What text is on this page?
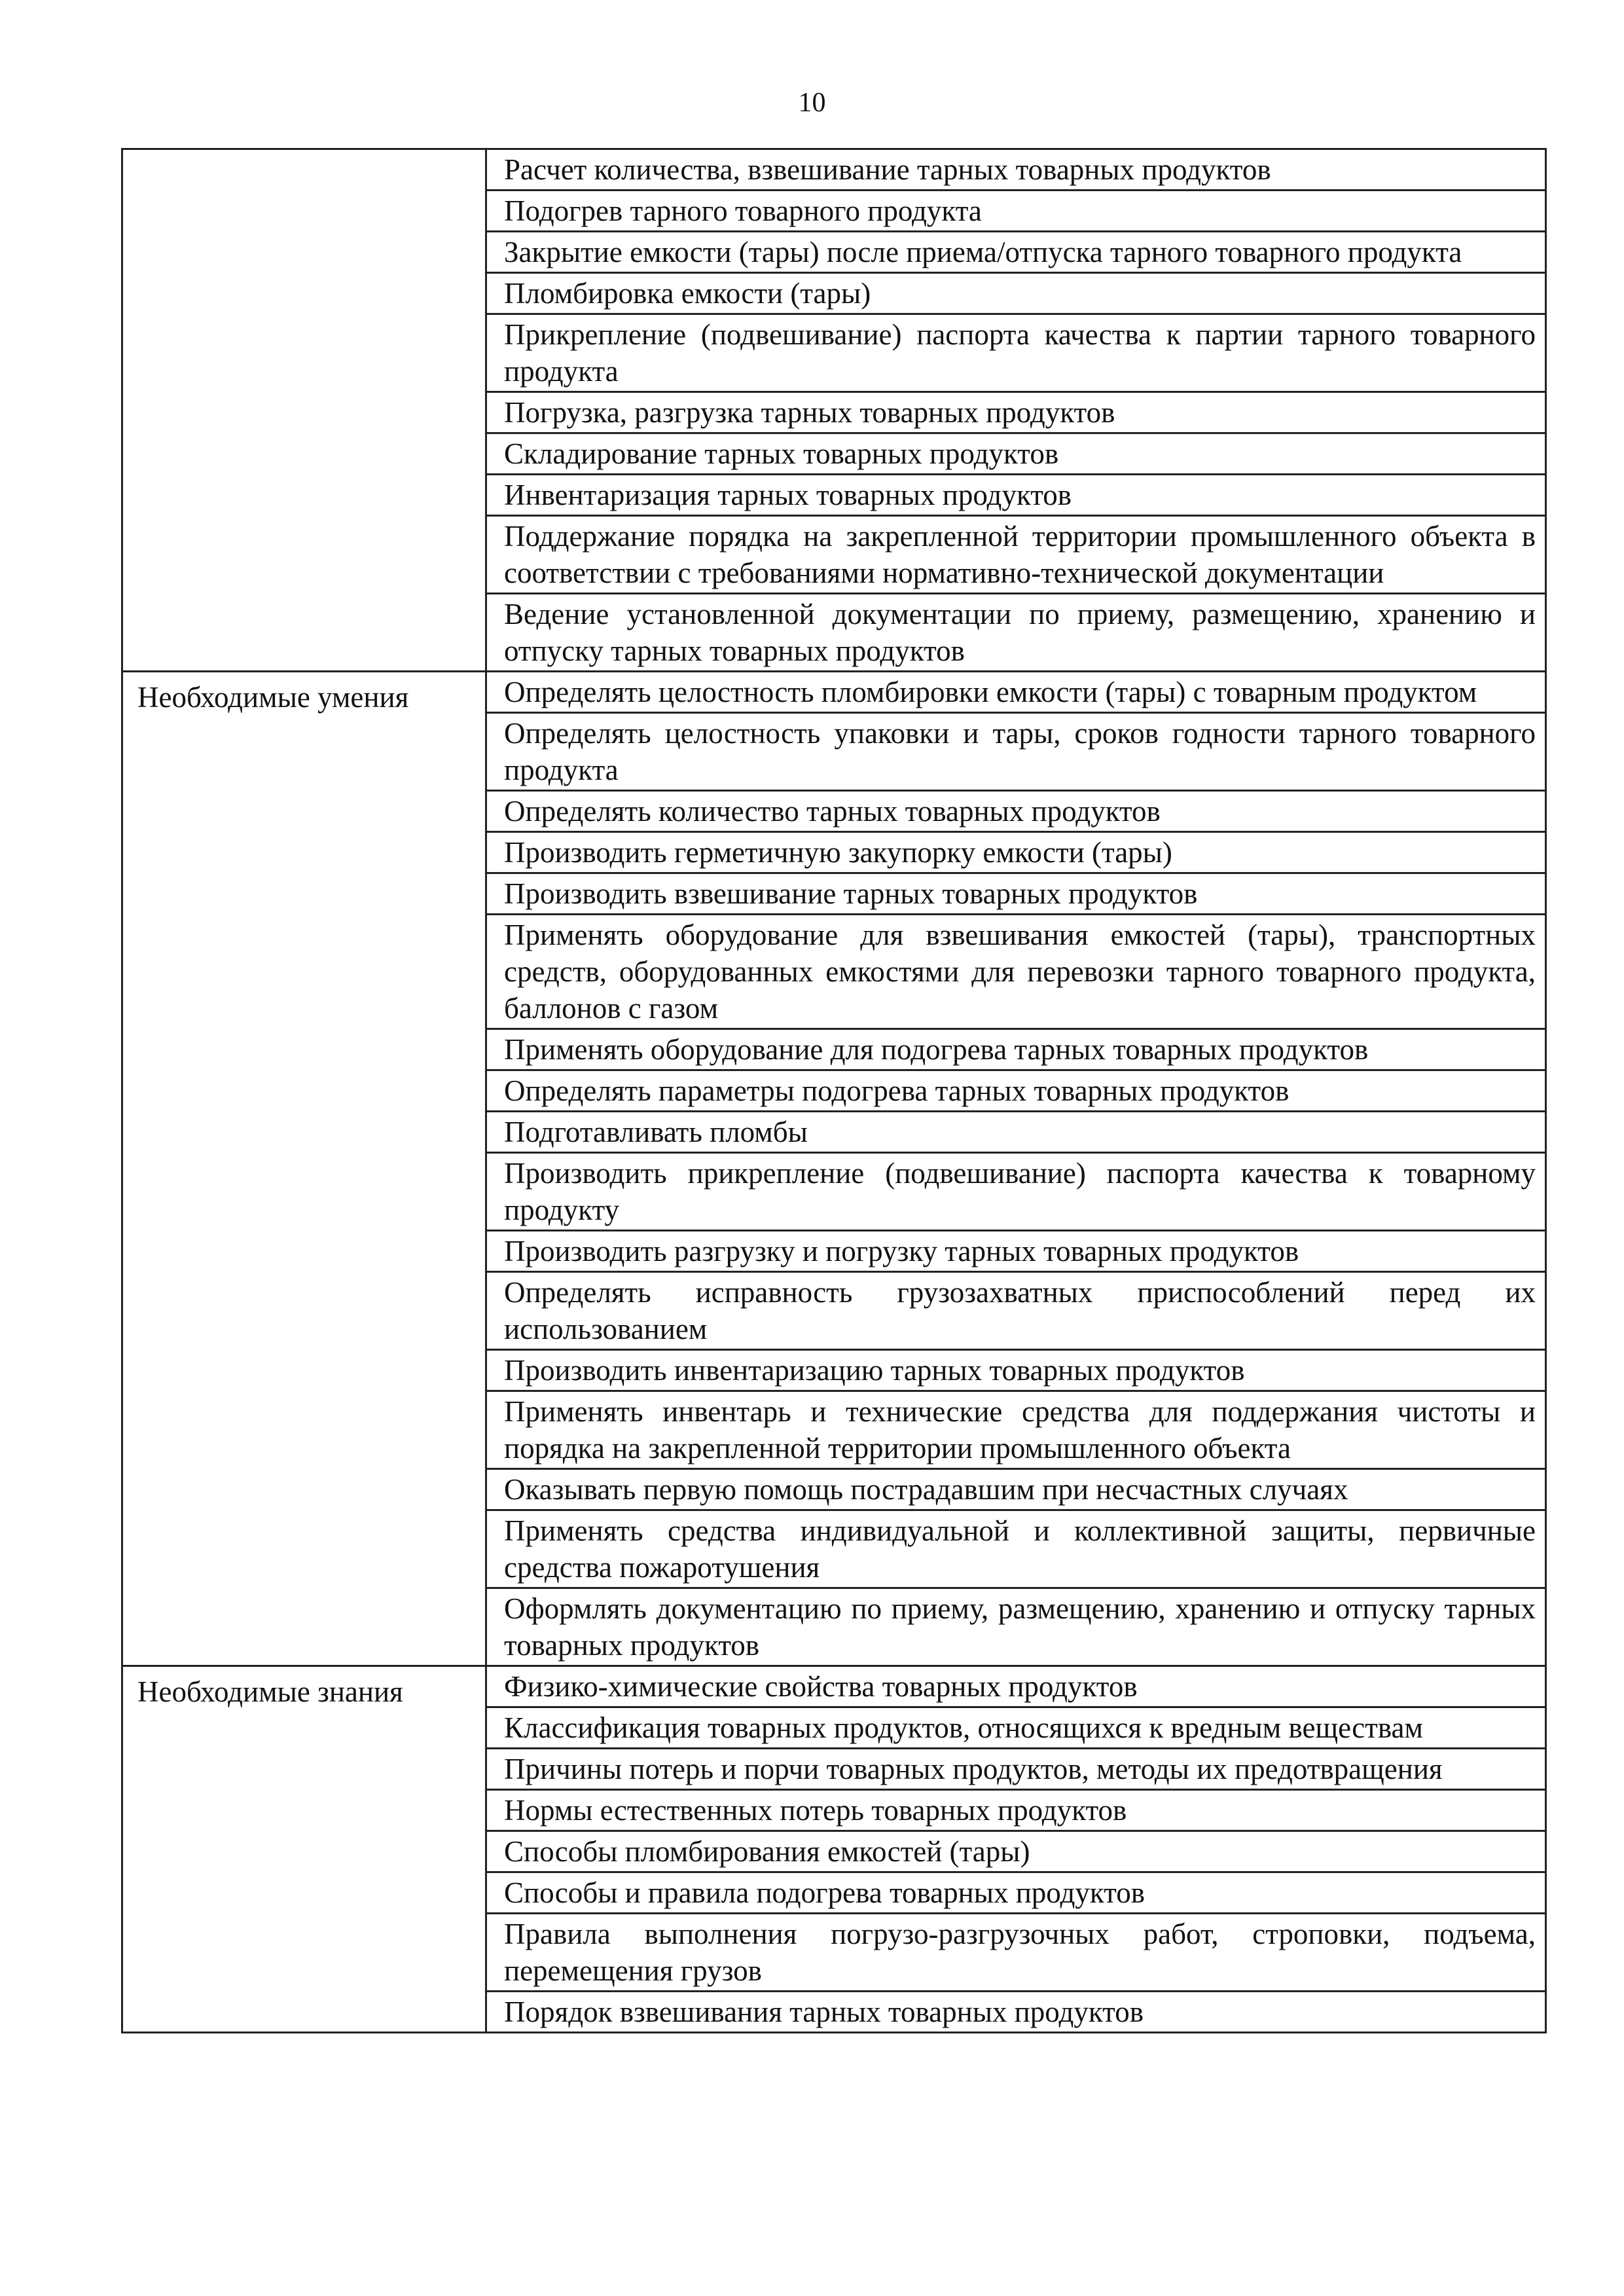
10
	Расчет количества, взвешивание тарных товарных продуктов
	Подогрев тарного товарного продукта
	Закрытие емкости (тары) после приема/отпуска тарного товарного продукта
	Пломбировка емкости (тары)
	Прикрепление (подвешивание) паспорта качества к партии тарного товарного продукта
	Погрузка, разгрузка тарных товарных продуктов
	Складирование тарных товарных продуктов
	Инвентаризация тарных товарных продуктов
	Поддержание порядка на закрепленной территории промышленного объекта в соответствии с требованиями нормативно-технической документации
	Ведение установленной документации по приему, размещению, хранению и отпуску тарных товарных продуктов
Необходимые умения	Определять целостность пломбировки емкости (тары) с товарным продуктом
	Определять целостность упаковки и тары, сроков годности тарного товарного продукта
	Определять количество тарных товарных продуктов
	Производить герметичную закупорку емкости (тары)
	Производить взвешивание тарных товарных продуктов
	Применять оборудование для взвешивания емкостей (тары), транспортных средств, оборудованных емкостями для перевозки тарного товарного продукта, баллонов с газом
	Применять оборудование для подогрева тарных товарных продуктов
	Определять параметры подогрева тарных товарных продуктов
	Подготавливать пломбы
	Производить прикрепление (подвешивание) паспорта качества к товарному продукту
	Производить разгрузку и погрузку тарных товарных продуктов
	Определять исправность грузозахватных приспособлений перед их использованием
	Производить инвентаризацию тарных товарных продуктов
	Применять инвентарь и технические средства для поддержания чистоты и порядка на закрепленной территории промышленного объекта
	Оказывать первую помощь пострадавшим при несчастных случаях
	Применять средства индивидуальной и коллективной защиты, первичные средства пожаротушения
	Оформлять документацию по приему, размещению, хранению и отпуску тарных товарных продуктов
Необходимые знания	Физико-химические свойства товарных продуктов
	Классификация товарных продуктов, относящихся к вредным веществам
	Причины потерь и порчи товарных продуктов, методы их предотвращения
	Нормы естественных потерь товарных продуктов
	Способы пломбирования емкостей (тары)
	Способы и правила подогрева товарных продуктов
	Правила выполнения погрузо-разгрузочных работ, строповки, подъема, перемещения грузов
	Порядок взвешивания тарных товарных продуктов
